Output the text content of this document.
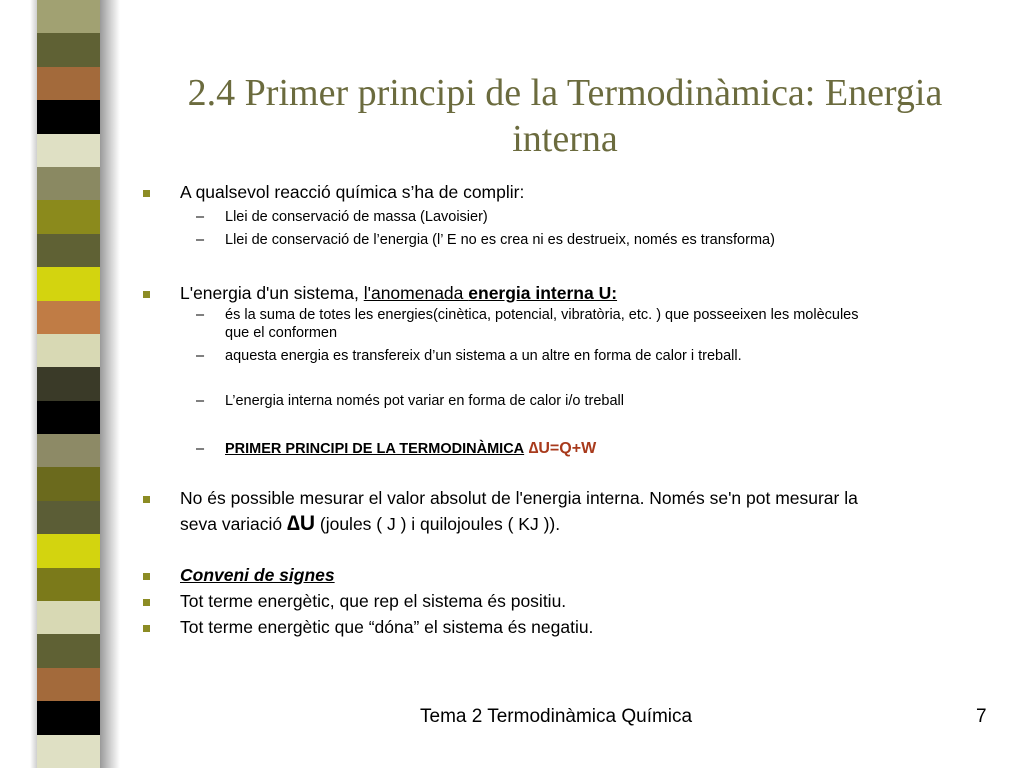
2.4 Primer principi de la Termodinàmica: Energia interna
A qualsevol reacció química s’ha de complir:
– Llei de conservació de massa (Lavoisier)
– Llei de conservació de l’energia (l’ E no es crea ni es destrueix, només es transforma)
L'energia d'un sistema, l'anomenada energia interna U:
– és la suma de totes les energies(cinètica, potencial, vibratòria, etc. ) que posseeixen les molècules
que el conformen
– aquesta energia es transfereix d’un sistema a un altre en forma de calor i treball.
– L’energia interna només pot variar en forma de calor i/o treball
– PRIMER PRINCIPI DE LA TERMODINÀMICA ∆U=Q+W
No és possible mesurar el valor absolut de l'energia interna. Només se'n pot mesurar la
seva variació ∆U (joules ( J ) i quilojoules ( KJ )).
Conveni de signes
Tot terme energètic, que rep el sistema és positiu.
Tot terme energètic que “dóna” el sistema és negatiu.
Tema 2 Termodinàmica Química	7
